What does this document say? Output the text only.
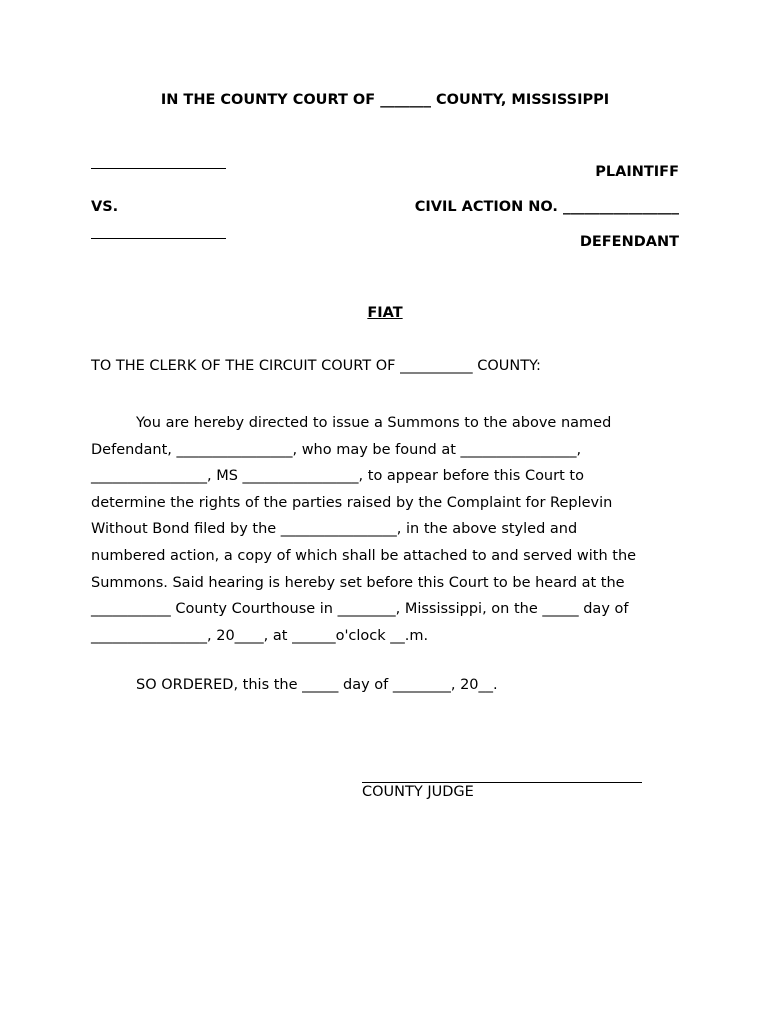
IN THE COUNTY COURT OF _______ COUNTY, MISSISSIPPI
PLAINTIFF
VS.	CIVIL ACTION NO. ________________
DEFENDANT
FIAT
TO THE CLERK OF THE CIRCUIT COURT OF __________ COUNTY:

You are hereby directed to issue a Summons to the above named

Defendant, ________________, who may be found at ________________,

________________, MS ________________, to appear before this Court to

determine the rights of the parties raised by the Complaint for Replevin

Without Bond filed by the ________________, in the above styled and

numbered action, a copy of which shall be attached to and served with the

Summons. Said hearing is hereby set before this Court to be heard at the

___________ County Courthouse in ________, Mississippi, on the _____ day of

________________, 20____, at ______o'clock __.m.

SO ORDERED, this the _____ day of ________, 20__.
COUNTY JUDGE
